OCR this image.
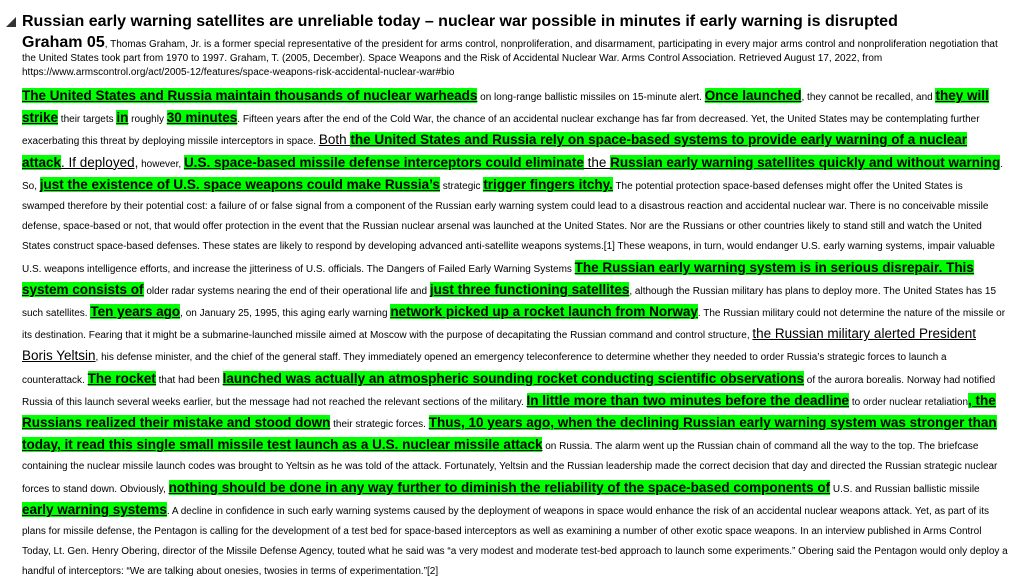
Russian early warning satellites are unreliable today – nuclear war possible in minutes if early warning is disrupted

Graham 05, Thomas Graham, Jr. is a former special representative of the president for arms control, nonproliferation, and disarmament, participating in every major arms control and nonproliferation negotiation that the United States took part from 1970 to 1997. Graham, T. (2005, December). Space Weapons and the Risk of Accidental Nuclear War. Arms Control Association. Retrieved August 17, 2022, from https://www.armscontrol.org/act/2005-12/features/space-weapons-risk-accidental-nuclear-war#bio

The United States and Russia maintain thousands of nuclear warheads on long-range ballistic missiles on 15-minute alert. Once launched, they cannot be recalled, and they will strike their targets in roughly 30 minutes. Fifteen years after the end of the Cold War, the chance of an accidental nuclear exchange has far from decreased. Yet, the United States may be contemplating further exacerbating this threat by deploying missile interceptors in space. Both the United States and Russia rely on space-based systems to provide early warning of a nuclear attack. If deployed, however, U.S. space-based missile defense interceptors could eliminate the Russian early warning satellites quickly and without warning. So, just the existence of U.S. space weapons could make Russia’s strategic trigger fingers itchy. The potential protection space-based defenses might offer the United States is swamped therefore by their potential cost: a failure of or false signal from a component of the Russian early warning system could lead to a disastrous reaction and accidental nuclear war. There is no conceivable missile defense, space-based or not, that would offer protection in the event that the Russian nuclear arsenal was launched at the United States. Nor are the Russians or other countries likely to stand still and watch the United States construct space-based defenses. These states are likely to respond by developing advanced anti-satellite weapons systems.[1] These weapons, in turn, would endanger U.S. early warning systems, impair valuable U.S. weapons intelligence efforts, and increase the jitteriness of U.S. officials. The Dangers of Failed Early Warning Systems The Russian early warning system is in serious disrepair. This system consists of older radar systems nearing the end of their operational life and just three functioning satellites, although the Russian military has plans to deploy more. The United States has 15 such satellites. Ten years ago, on January 25, 1995, this aging early warning network picked up a rocket launch from Norway. The Russian military could not determine the nature of the missile or its destination. Fearing that it might be a submarine-launched missile aimed at Moscow with the purpose of decapitating the Russian command and control structure, the Russian military alerted President Boris Yeltsin, his defense minister, and the chief of the general staff. They immediately opened an emergency teleconference to determine whether they needed to order Russia’s strategic forces to launch a counterattack. The rocket that had been launched was actually an atmospheric sounding rocket conducting scientific observations of the aurora borealis. Norway had notified Russia of this launch several weeks earlier, but the message had not reached the relevant sections of the military. In little more than two minutes before the deadline to order nuclear retaliation, the Russians realized their mistake and stood down their strategic forces. Thus, 10 years ago, when the declining Russian early warning system was stronger than today, it read this single small missile test launch as a U.S. nuclear missile attack on Russia. The alarm went up the Russian chain of command all the way to the top. The briefcase containing the nuclear missile launch codes was brought to Yeltsin as he was told of the attack. Fortunately, Yeltsin and the Russian leadership made the correct decision that day and directed the Russian strategic nuclear forces to stand down. Obviously, nothing should be done in any way further to diminish the reliability of the space-based components of U.S. and Russian ballistic missile early warning systems. A decline in confidence in such early warning systems caused by the deployment of weapons in space would enhance the risk of an accidental nuclear weapons attack. Yet, as part of its plans for missile defense, the Pentagon is calling for the development of a test bed for space-based interceptors as well as examining a number of other exotic space weapons. In an interview published in Arms Control Today, Lt. Gen. Henry Obering, director of the Missile Defense Agency, touted what he said was “a very modest and moderate test-bed approach to launch some experiments.” Obering said the Pentagon would only deploy a handful of interceptors: “We are talking about onesies, twosies in terms of experimentation.”[2]
